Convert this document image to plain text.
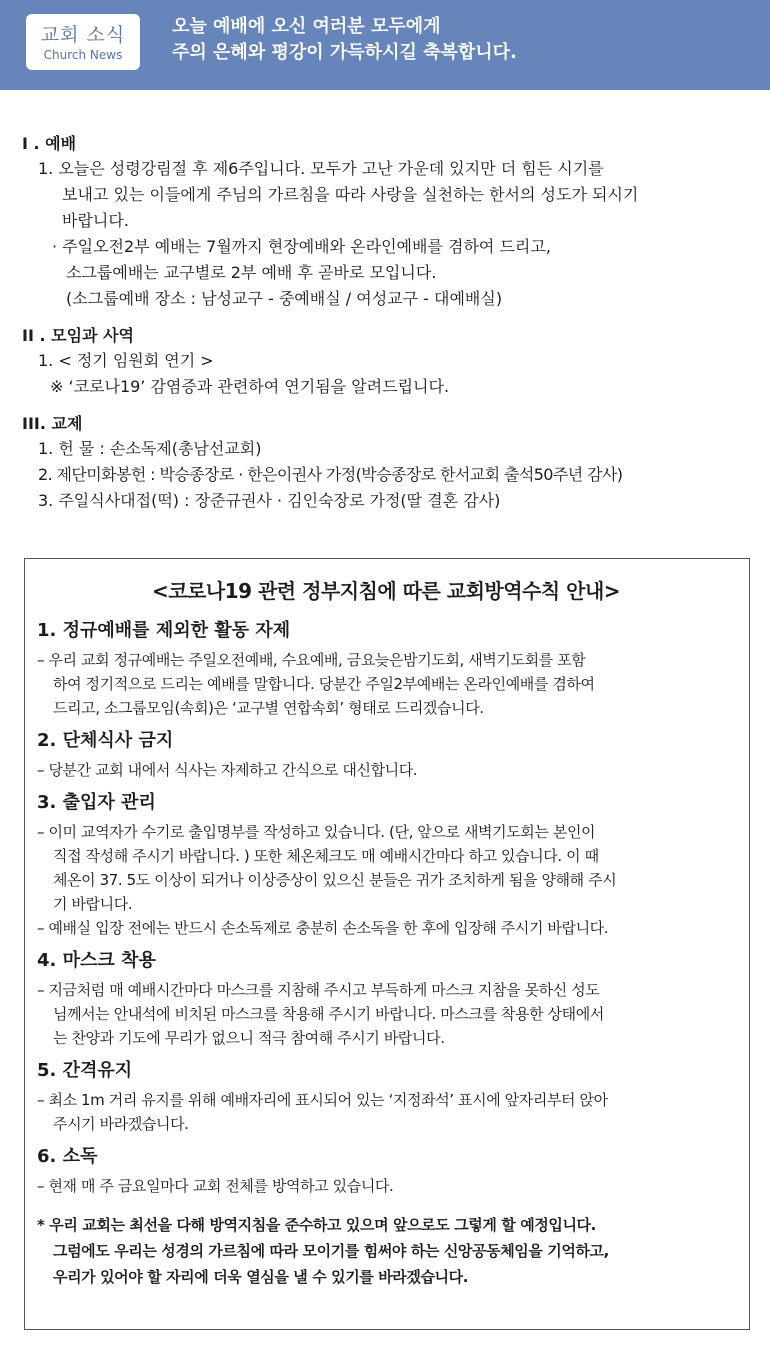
교회 소식
Church News
오늘 예배에 오신 여러분 모두에게
주의 은혜와 평강이 가득하시길 축복합니다.

I . 예배

1. 오늘은 성령강림절 후 제6주입니다. 모두가 고난 가운데 있지만 더 힘든 시기를
보내고 있는 이들에게 주님의 가르침을 따라 사랑을 실천하는 한서의 성도가 되시기
바랍니다.
· 주일오전2부 예배는 7월까지 현장예배와 온라인예배를 겸하여 드리고,
소그룹예배는 교구별로 2부 예배 후 곧바로 모입니다.
(소그룹예배 장소 : 남성교구 - 중예배실 / 여성교구 - 대예배실)

II . 모임과 사역

1. < 정기 임원회 연기 >
※ ‘코로나19’ 감염증과 관련하여 연기됨을 알려드립니다.

III. 교제

1. 헌 물 : 손소독제(총남선교회)
2. 제단미화봉헌 : 박승종장로 · 한은이권사 가정(박승종장로 한서교회 출석50주년 감사)
3. 주일식사대접(떡) : 장준규권사 · 김인숙장로 가정(딸 결혼 감사)
<코로나19 관련 정부지침에 따른 교회방역수칙 안내>
1. 정규예배를 제외한 활동 자제
– 우리 교회 정규예배는 주일오전예배, 수요예배, 금요늦은밤기도회, 새벽기도회를 포함
하여 정기적으로 드리는 예배를 말합니다. 당분간 주일2부예배는 온라인예배를 겸하여
드리고, 소그룹모임(속회)은 ‘교구별 연합속회’ 형태로 드리겠습니다.
2. 단체식사 금지
– 당분간 교회 내에서 식사는 자제하고 간식으로 대신합니다.
3. 출입자 관리
– 이미 교역자가 수기로 출입명부를 작성하고 있습니다. (단, 앞으로 새벽기도회는 본인이
직접 작성해 주시기 바랍니다. ) 또한 체온체크도 매 예배시간마다 하고 있습니다. 이 때
체온이 37. 5도 이상이 되거나 이상증상이 있으신 분들은 귀가 조치하게 됨을 양해해 주시
기 바랍니다.
– 예배실 입장 전에는 반드시 손소독제로 충분히 손소독을 한 후에 입장해 주시기 바랍니다.
4. 마스크 착용
– 지금처럼 매 예배시간마다 마스크를 지참해 주시고 부득하게 마스크 지참을 못하신 성도
님께서는 안내석에 비치된 마스크를 착용해 주시기 바랍니다. 마스크를 착용한 상태에서
는 찬양과 기도에 무리가 없으니 적극 참여해 주시기 바랍니다.
5. 간격유지
– 최소 1m 거리 유지를 위해 예배자리에 표시되어 있는 ‘지정좌석’ 표시에 앞자리부터 앉아
주시기 바라겠습니다.
6. 소독
– 현재 매 주 금요일마다 교회 전체를 방역하고 있습니다.
* 우리 교회는 최선을 다해 방역지침을 준수하고 있으며 앞으로도 그렇게 할 예정입니다.
그럼에도 우리는 성경의 가르침에 따라 모이기를 힘써야 하는 신앙공동체임을 기억하고,
우리가 있어야 할 자리에 더욱 열심을 낼 수 있기를 바라겠습니다.
